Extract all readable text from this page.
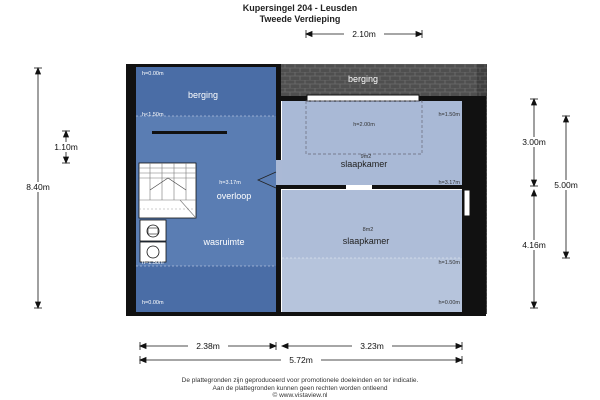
Kupersingel 204 - Leusden
Tweede Verdieping
berging
berging
slaapkamer
slaapkamer
overloop
wasruimte
9m2
8m2
h=0.00m
h<1.50m
h=2.00m
h=1.50m
h=3.17m	h=3.17m
h=1.50m	h=1.50m
h=0.00m	h=0.00m
2.10m
8.40m
1.10m	3.00m
5.00m
4.16m
2.38m	3.23m
5.72m
De plattegronden zijn geproduceerd voor promotionele doeleinden en ter indicatie.
Aan de plattegronden kunnen geen rechten worden ontleend
© www.vistaview.nl
